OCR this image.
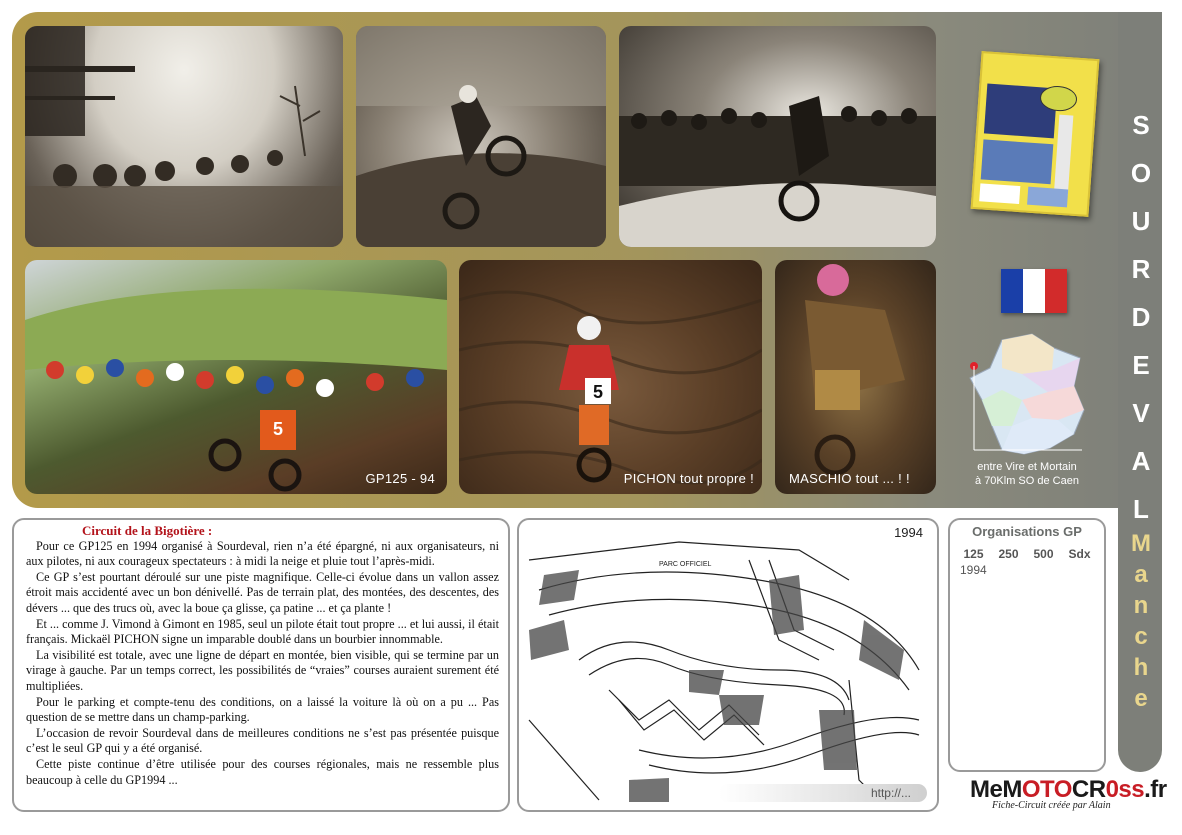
5
GP125 - 94
5
PICHON tout propre !	MASCHIO tout ... ! !
entre Vire et Mortain
à 70Klm SO de Caen
S
O
U
R
D
E
V
A
L
M
a
n
c
h
e
Circuit de la Bigotière :

Pour ce GP125 en 1994 organisé à Sourdeval, rien n’a été épargné, ni aux organisateurs, ni aux pilotes, ni aux courageux spectateurs : à midi la neige et pluie tout l’après-midi.

Ce GP s’est pourtant déroulé sur une piste magnifique. Celle-ci évolue dans un vallon assez étroit mais accidenté avec un bon dénivellé. Pas de terrain plat, des montées, des descentes, des dévers ... que des trucs où, avec la boue ça glisse, ça patine ... et ça plante !

Et ... comme J. Vimond à Gimont en 1985, seul un pilote était tout propre ... et lui aussi, il était français. Mickaël PICHON signe un imparable doublé dans un bourbier innommable.

La visibilité est totale, avec une ligne de départ en montée, bien visible, qui se termine par un virage à gauche. Par un temps correct, les possibilités de “vraies” courses auraient surement été multipliées.

Pour le parking et compte-tenu des conditions, on a laissé la voiture là où on a pu ... Pas question de se mettre dans un champ-parking.

L’occasion de revoir Sourdeval dans de meilleures conditions ne s’est pas présentée puisque c’est le seul GP qui y a été organisé.

Cette piste continue d’être utilisée pour des courses régionales, mais ne ressemble plus beaucoup à celle du GP1994 ...

1994
PARC OFFICIEL
http://...
Organisations GP
125 250 500 Sdx
1994
MeMOTOCR0ss.fr
Fiche-Circuit créée par Alain
